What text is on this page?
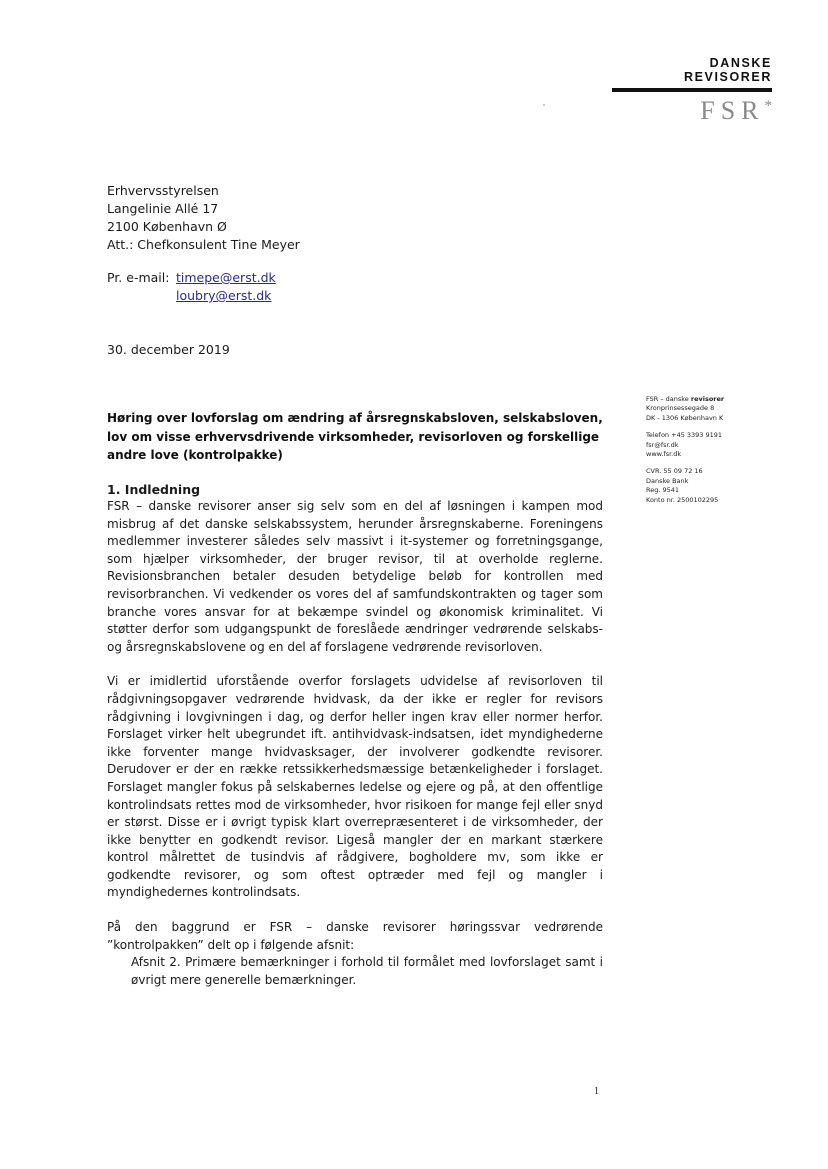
DANSKE
REVISORER
FSR*
Erhvervsstyrelsen
Langelinie Allé 17
2100 København Ø
Att.: Chefkonsulent Tine Meyer
Pr. e-mail: timepe@erst.dk
loubry@erst.dk
30. december 2019
FSR – danske revisorer
Kronprinsessegade 8
DK - 1306 København K
Telefon +45 3393 9191
fsr@fsr.dk
www.fsr.dk
CVR. 55 09 72 16
Danske Bank
Reg. 9541
Konto nr. 2500102295

Høring over lovforslag om ændring af årsregnskabsloven, selskabsloven, lov om visse erhvervsdrivende virksomheder, revisorloven og forskellige andre love (kontrolpakke)

1. Indledning

FSR – danske revisorer anser sig selv som en del af løsningen i kampen mod misbrug af det danske selskabssystem, herunder årsregnskaberne. Foreningens medlemmer investerer således selv massivt i it-systemer og forretningsgange, som hjælper virksomheder, der bruger revisor, til at overholde reglerne. Revisionsbranchen betaler desuden betydelige beløb for kontrollen med revisorbranchen. Vi vedkender os vores del af samfundskontrakten og tager som branche vores ansvar for at bekæmpe svindel og økonomisk kriminalitet. Vi støtter derfor som udgangspunkt de foreslåede ændringer vedrørende selskabs-og årsregnskabslovene og en del af forslagene vedrørende revisorloven.

Vi er imidlertid uforstående overfor forslagets udvidelse af revisorloven til rådgivningsopgaver vedrørende hvidvask, da der ikke er regler for revisors rådgivning i lovgivningen i dag, og derfor heller ingen krav eller normer herfor. Forslaget virker helt ubegrundet ift. antihvidvask-indsatsen, idet myndighederne ikke forventer mange hvidvasksager, der involverer godkendte revisorer. Derudover er der en række retssikkerhedsmæssige betænkeligheder i forslaget. Forslaget mangler fokus på selskabernes ledelse og ejere og på, at den offentlige kontrolindsats rettes mod de virksomheder, hvor risikoen for mange fejl eller snyd er størst. Disse er i øvrigt typisk klart overrepræsenteret i de virksomheder, der ikke benytter en godkendt revisor. Ligeså mangler der en markant stærkere kontrol målrettet de tusindvis af rådgivere, bogholdere mv, som ikke er godkendte revisorer, og som oftest optræder med fejl og mangler i myndighedernes kontrolindsats.

På den baggrund er FSR – danske revisorer høringssvar vedrørende ”kontrolpakken” delt op i følgende afsnit:

Afsnit 2. Primære bemærkninger i forhold til formålet med lovforslaget samt i øvrigt mere generelle bemærkninger.

1
